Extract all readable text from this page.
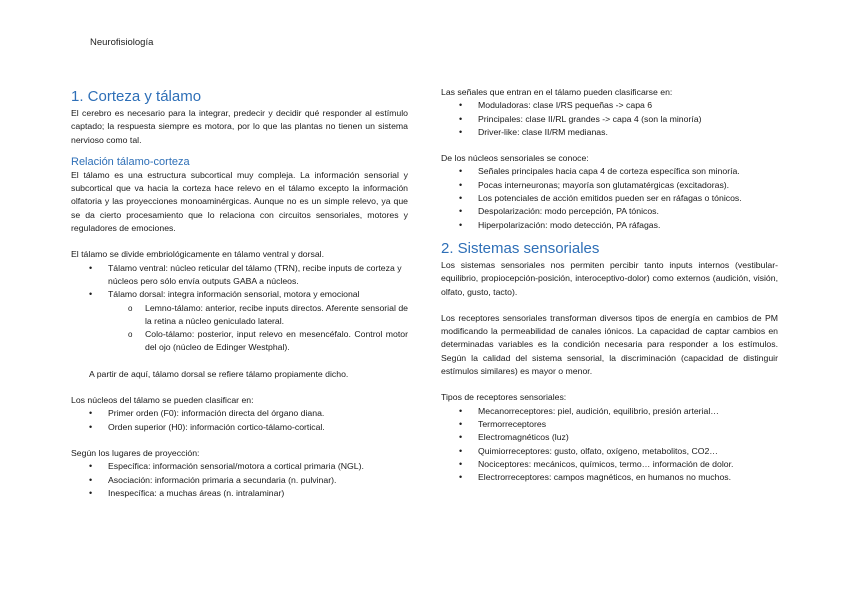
Neurofisiología
1. Corteza y tálamo

El cerebro es necesario para la integrar, predecir y decidir qué responder al estímulo captado; la respuesta siempre es motora, por lo que las plantas no tienen un sistema nervioso como tal.

Relación tálamo-corteza

El tálamo es una estructura subcortical muy compleja. La información sensorial y subcortical que va hacia la corteza hace relevo en el tálamo excepto la información olfatoria y las proyecciones monoaminérgicas. Aunque no es un simple relevo, ya que se da cierto procesamiento que lo relaciona con circuitos sensoriales, motores y reguladores de emociones.

El tálamo se divide embriológicamente en tálamo ventral y dorsal.

• Tálamo ventral: núcleo reticular del tálamo (TRN), recibe inputs de corteza y núcleos pero sólo envía outputs GABA a núcleos.
• Tálamo dorsal: integra información sensorial, motora y emocional
o Lemno-tálamo: anterior, recibe inputs directos. Aferente sensorial de la retina a núcleo geniculado lateral.
o Colo-tálamo: posterior, input relevo en mesencéfalo. Control motor del ojo (núcleo de Edinger Westphal).

A partir de aquí, tálamo dorsal se refiere tálamo propiamente dicho.

Los núcleos del tálamo se pueden clasificar en:

• Primer orden (F0): información directa del órgano diana.
• Orden superior (H0): información cortico-tálamo-cortical.

Según los lugares de proyección:

• Específica: información sensorial/motora a cortical primaria (NGL).
• Asociación: información primaria a secundaria (n. pulvinar).
• Inespecífica: a muchas áreas (n. intralaminar)

Las señales que entran en el tálamo pueden clasificarse en:

• Moduladoras: clase I/RS pequeñas -> capa 6
• Principales: clase II/RL grandes -> capa 4 (son la minoría)
• Driver-like: clase II/RM medianas.

De los núcleos sensoriales se conoce:

• Señales principales hacia capa 4 de corteza específica son minoría.
• Pocas interneuronas; mayoría son glutamatérgicas (excitadoras).
• Los potenciales de acción emitidos pueden ser en ráfagas o tónicos.
• Despolarización: modo percepción, PA tónicos.
• Hiperpolarización: modo detección, PA ráfagas.
2. Sistemas sensoriales

Los sistemas sensoriales nos permiten percibir tanto inputs internos (vestibular-equilibrio, propiocepción-posición, interoceptivo-dolor) como externos (audición, visión, olfato, gusto, tacto).

Los receptores sensoriales transforman diversos tipos de energía en cambios de PM modificando la permeabilidad de canales iónicos. La capacidad de captar cambios en determinadas variables es la condición necesaria para responder a los estímulos. Según la calidad del sistema sensorial, la discriminación (capacidad de distinguir estímulos similares) es mayor o menor.

Tipos de receptores sensoriales:

• Mecanorreceptores: piel, audición, equilibrio, presión arterial…
• Termorreceptores
• Electromagnéticos (luz)
• Quimiorreceptores: gusto, olfato, oxígeno, metabolitos, CO2…
• Nociceptores: mecánicos, químicos, termo… información de dolor.
• Electrorreceptores: campos magnéticos, en humanos no muchos.
